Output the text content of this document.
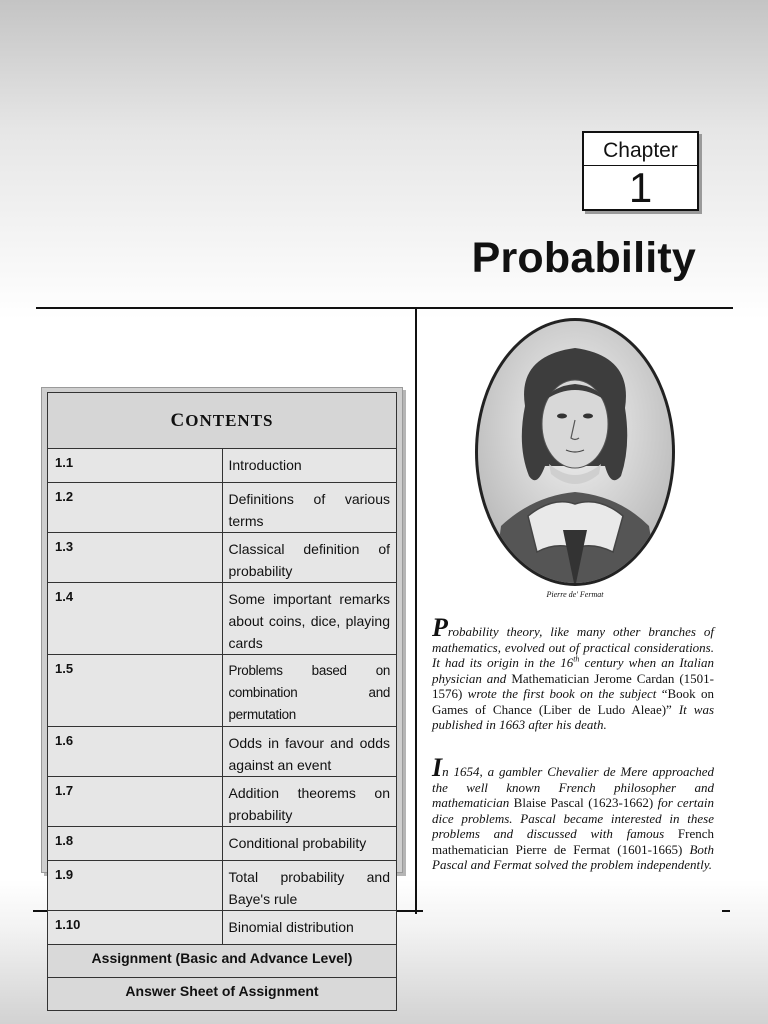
Chapter
1
Probability
CONTENTS	
1.1	Introduction
1.2	Definitions of various terms
1.3	Classical definition of probability
1.4	Some important remarks about coins, dice, playing cards
1.5	Problems based on combination and permutation
1.6	Odds in favour and odds against an event
1.7	Addition theorems on probability
1.8	Conditional probability
1.9	Total probability and Baye's rule
1.10	Binomial distribution
Assignment (Basic and Advance Level)	
Answer Sheet of Assignment	
Pierre de' Fermat

Probability theory, like many other branches of mathematics, evolved out of practical considerations. It had its origin in the 16th century when an Italian physician and Mathematician Jerome Cardan (1501-1576) wrote the first book on the subject “Book on Games of Chance (Liber de Ludo Aleae)” It was published in 1663 after his death.

In 1654, a gambler Chevalier de Mere approached the well known French philosopher and mathematician Blaise Pascal (1623-1662) for certain dice problems. Pascal became interested in these problems and discussed with famous French mathematician Pierre de Fermat (1601-1665) Both Pascal and Fermat solved the problem independently.
